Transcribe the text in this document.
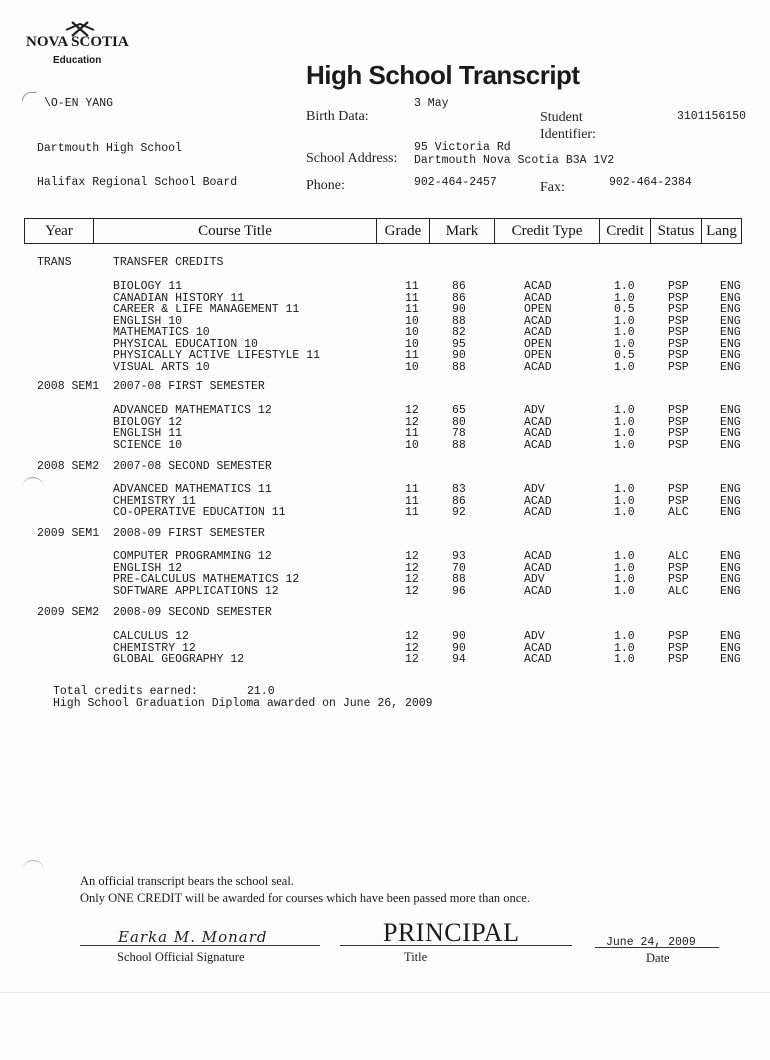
NOVA SCOTIA
Education	High School Transcript
\O-EN YANG
Birth Data:
3 May
Student Identifier:
3101156150
Dartmouth High School
School Address:
95 Victoria Rd
Dartmouth Nova Scotia B3A 1V2
Halifax Regional School Board	Phone:	902-464-2457	Fax:	902-464-2384
Year	Course Title	Grade	Mark	Credit Type	Credit	Status	Lang
TRANS	TRANSFER CREDITS
BIOLOGY 11	11	86	ACAD	1.0	PSP	ENG
CANADIAN HISTORY 11	11	86	ACAD	1.0	PSP	ENG
CAREER & LIFE MANAGEMENT 11	11	90	OPEN	0.5	PSP	ENG
ENGLISH 10	10	88	ACAD	1.0	PSP	ENG
MATHEMATICS 10	10	82	ACAD	1.0	PSP	ENG
PHYSICAL EDUCATION 10	10	95	OPEN	1.0	PSP	ENG
PHYSICALLY ACTIVE LIFESTYLE 11	11	90	OPEN	0.5	PSP	ENG
VISUAL ARTS 10	10	88	ACAD	1.0	PSP	ENG
2008 SEM1 2007-08 FIRST SEMESTER
ADVANCED MATHEMATICS 12	12	65	ADV	1.0	PSP	ENG
BIOLOGY 12	12	80	ACAD	1.0	PSP	ENG
ENGLISH 11	11	78	ACAD	1.0	PSP	ENG
SCIENCE 10	10	88	ACAD	1.0	PSP	ENG
2008 SEM2 2007-08 SECOND SEMESTER
ADVANCED MATHEMATICS 11	11	83	ADV	1.0	PSP	ENG
CHEMISTRY 11	11	86	ACAD	1.0	PSP	ENG
CO-OPERATIVE EDUCATION 11	11	92	ACAD	1.0	ALC	ENG
2009 SEM1 2008-09 FIRST SEMESTER
COMPUTER PROGRAMMING 12	12	93	ACAD	1.0	ALC	ENG
ENGLISH 12	12	70	ACAD	1.0	PSP	ENG
PRE-CALCULUS MATHEMATICS 12	12	88	ADV	1.0	PSP	ENG
SOFTWARE APPLICATIONS 12	12	96	ACAD	1.0	ALC	ENG
2009 SEM2 2008-09 SECOND SEMESTER
CALCULUS 12	12	90	ADV	1.0	PSP	ENG
CHEMISTRY 12	12	90	ACAD	1.0	PSP	ENG
GLOBAL GEOGRAPHY 12	12	94	ACAD	1.0	PSP	ENG
Total credits earned:	21.0
High School Graduation Diploma awarded on June 26, 2009
An official transcript bears the school seal.
Only ONE CREDIT will be awarded for courses which have been passed more than once.
Earka M. Monard
School Official Signature
PRINCIPAL
Title
June 24, 2009
Date
